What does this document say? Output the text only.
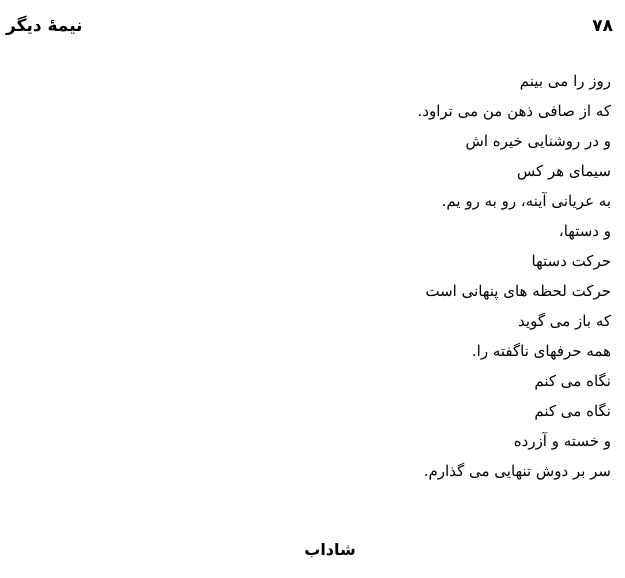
نیمهٔ دیگر	۷۸
روز را می بینم
که از صافی ذهن من می تراود.
و در روشنایی خیره اش
سیمای هر کس
به عریانی آینه، رو به رو یم.
و دستها،
حرکت دستها
حرکت لحظه های پنهانی است
که باز می گوید
همه حرفهای ناگفته را.
نگاه می کنم
نگاه می کنم
و خسته و آزرده
سر بر دوش تنهایی می گذارم.
شاداب
